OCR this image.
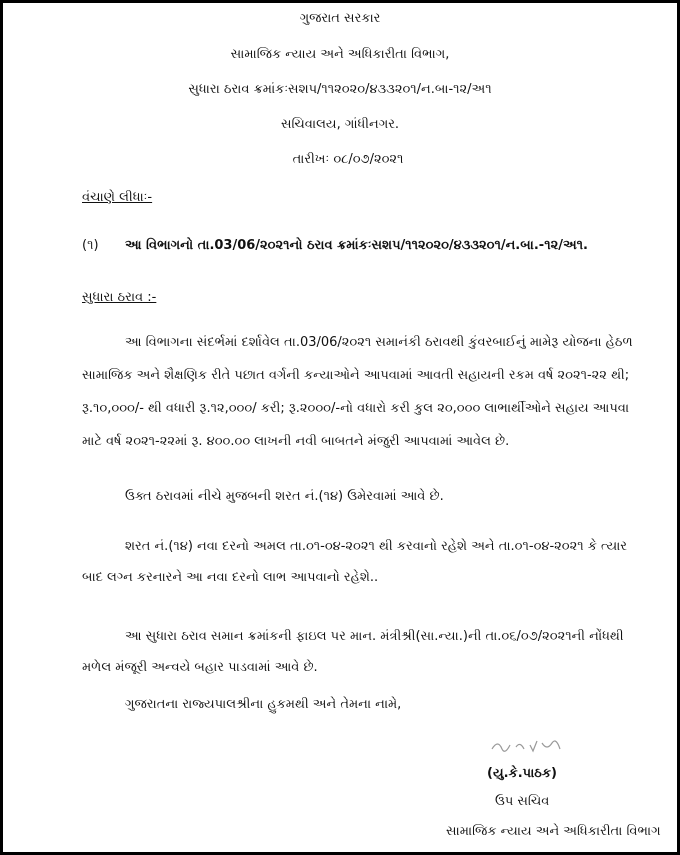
ગુજરાત સરકાર
સામાજિક ન્યાય અને અધિકારીતા વિભાગ,
સુધારા ઠરાવ ક્રમાંકઃસશપ/૧૧૨૦૨૦/૪૩૩૨૦૧/ન.બા-૧૨/અ૧
સચિવાલય, ગાંધીનગર.
તારીખઃ ૦૮/૦૭/૨૦૨૧
વંચાણે લીધાઃ-
(૧) આ વિભાગનો તા.03/06/૨૦૨૧નો ઠરાવ ક્રમાંકઃસશપ/૧૧૨૦૨૦/૪૩૩૨૦૧/ન.બા.-૧૨/અ૧.
સુધારા ઠરાવ :-
આ વિભાગના સંદર્ભમાં દર્શાવેલ તા.03/06/૨૦૨૧ સમાનંકી ઠરાવથી કુંવરબાઈનું મામેરૂ યોજના હેઠળ
સામાજિક અને શૈક્ષણિક રીતે પછાત વર્ગની કન્યાઓને આપવામાં આવતી સહાયની રકમ વર્ષ ૨૦૨૧-૨૨ થી;
રૂ.૧૦,૦૦૦/- થી વધારી રૂ.૧૨,૦૦૦/ કરી; રૂ.૨૦૦૦/-નો વધારો કરી કુલ ૨૦,૦૦૦ લાભાર્થીઓને સહાય આપવા
માટે વર્ષ ૨૦૨૧-૨૨માં રૂ. ૪૦૦.૦૦ લાખની નવી બાબતને મંજુરી આપવામાં આવેલ છે.
ઉક્ત ઠરાવમાં નીચે મુજબની શરત નં.(૧૪) ઉમેરવામાં આવે છે.
શરત નં.(૧૪) નવા દરનો અમલ તા.૦૧-૦૪-૨૦૨૧ થી કરવાનો રહેશે અને તા.૦૧-૦૪-૨૦૨૧ કે ત્યાર
બાદ લગ્ન કરનારને આ નવા દરનો લાભ આપવાનો રહેશે..
આ સુધારા ઠરાવ સમાન ક્રમાંકની ફાઇલ પર માન. મંત્રીશ્રી(સા.ન્યા.)ની તા.૦૬/૦૭/૨૦૨૧ની નોંધથી
મળેલ મંજૂરી અન્વયે બહાર પાડવામાં આવે છે.
ગુજરાતના રાજ્યપાલશ્રીના હુકમથી અને તેમના નામે,
(યુ.કે.પાઠક)
ઉપ સચિવ
સામાજિક ન્યાય અને અધિકારીતા વિભાગ
